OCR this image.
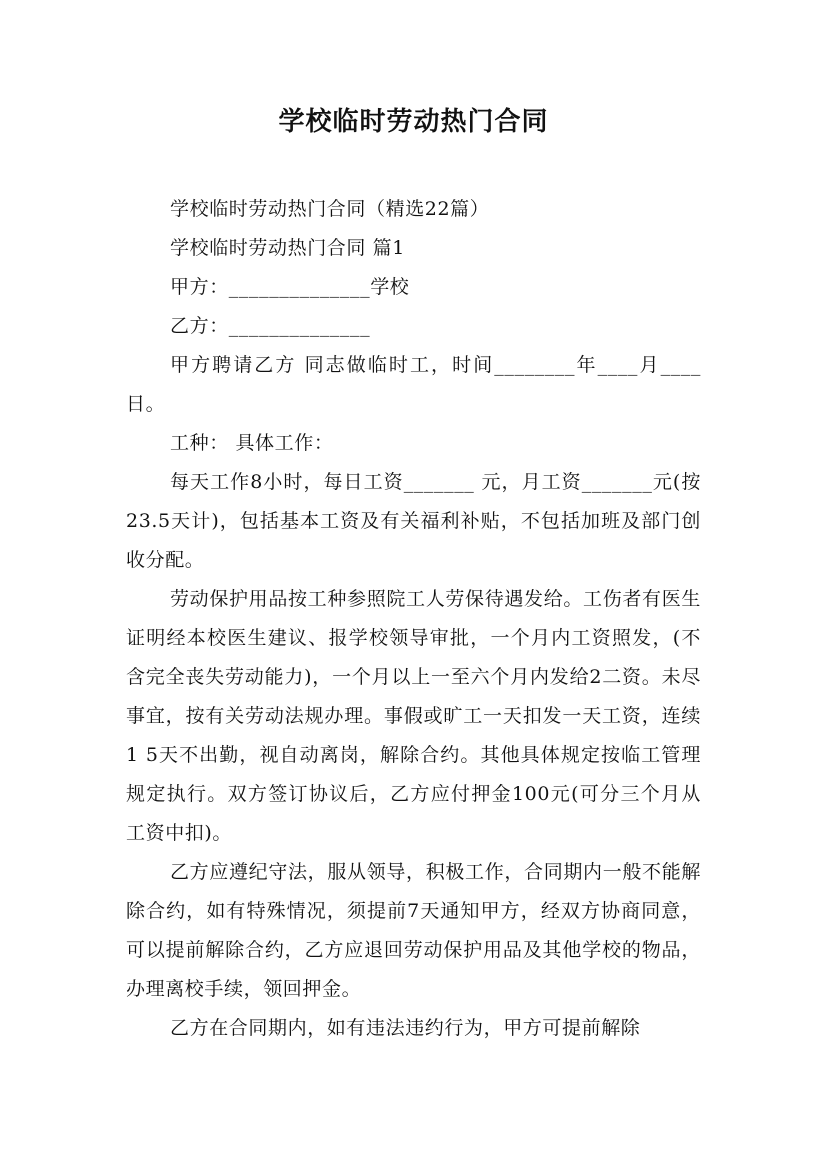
学校临时劳动热门合同

学校临时劳动热门合同（精选22篇）

学校临时劳动热门合同 篇1

甲方：______________学校

乙方：______________

甲方聘请乙方 同志做临时工，时间________年____月____日。

工种： 具体工作：

每天工作8小时，每日工资_______ 元，月工资_______元(按23.5天计)，包括基本工资及有关福利补贴，不包括加班及部门创收分配。

劳动保护用品按工种参照院工人劳保待遇发给。工伤者有医生证明经本校医生建议、报学校领导审批，一个月内工资照发，(不含完全丧失劳动能力)，一个月以上一至六个月内发给2二资。未尽事宜，按有关劳动法规办理。事假或旷工一天扣发一天工资，连续1 5天不出勤，视自动离岗，解除合约。其他具体规定按临工管理规定执行。双方签订协议后，乙方应付押金100元(可分三个月从工资中扣)。

乙方应遵纪守法，服从领导，积极工作，合同期内一般不能解除合约，如有特殊情况，须提前7天通知甲方，经双方协商同意，可以提前解除合约，乙方应退回劳动保护用品及其他学校的物品，办理离校手续，领回押金。

乙方在合同期内，如有违法违约行为，甲方可提前解除
